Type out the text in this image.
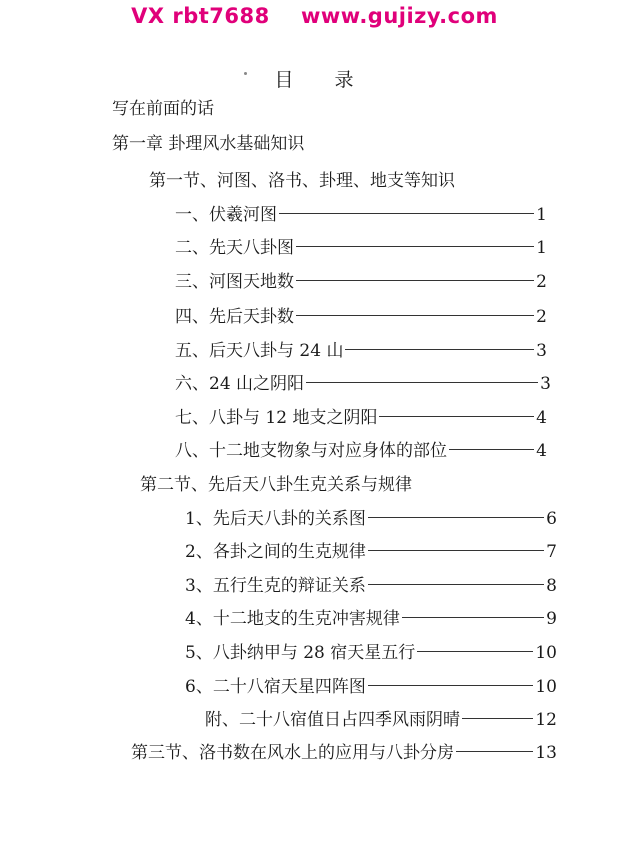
VX rbt7688 www.gujizy.com
目　　录
写在前面的话
第一章 卦理风水基础知识
第一节、河图、洛书、卦理、地支等知识
一、伏羲河图	1
二、先天八卦图	1
三、河图天地数	2
四、先后天卦数	2
五、后天八卦与 24 山	3
六、24 山之阴阳	3
七、八卦与 12 地支之阴阳	4
八、十二地支物象与对应身体的部位	4
第二节、先后天八卦生克关系与规律
1、先后天八卦的关系图	6
2、各卦之间的生克规律	7
3、五行生克的辩证关系	8
4、十二地支的生克冲害规律	9
5、八卦纳甲与 28 宿天星五行	10
6、二十八宿天星四阵图	10
附、二十八宿值日占四季风雨阴晴	12
第三节、洛书数在风水上的应用与八卦分房	13
